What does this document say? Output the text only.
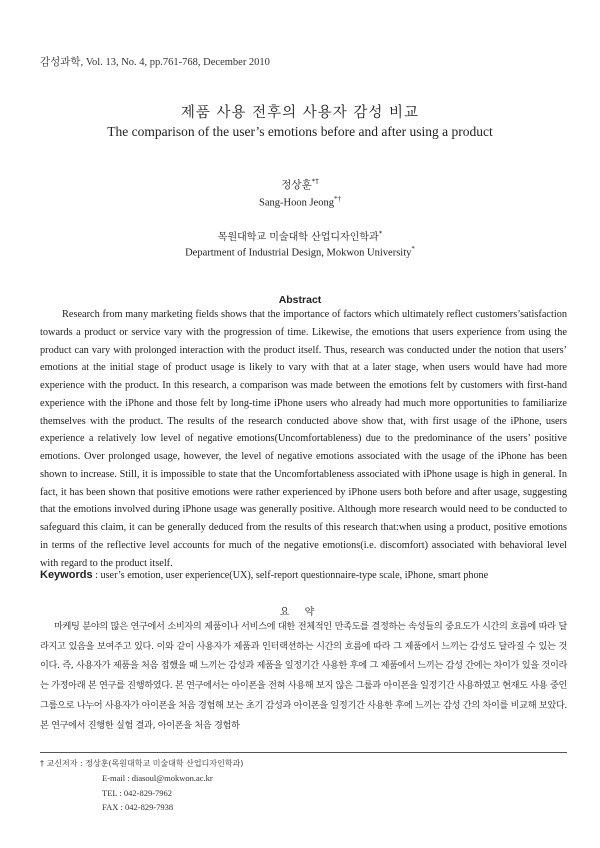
감성과학, Vol. 13, No. 4, pp.761-768, December 2010
제품 사용 전후의 사용자 감성 비교
The comparison of the user’s emotions before and after using a product
정상훈*†
Sang-Hoon Jeong*†
목원대학교 미술대학 산업디자인학과*
Department of Industrial Design, Mokwon University*
Abstract

Research from many marketing fields shows that the importance of factors which ultimately reflect customers’satisfaction towards a product or service vary with the progression of time. Likewise, the emotions that users experience from using the product can vary with prolonged interaction with the product itself. Thus, research was conducted under the notion that users’ emotions at the initial stage of product usage is likely to vary with that at a later stage, when users would have had more experience with the product. In this research, a comparison was made between the emotions felt by customers with first-hand experience with the iPhone and those felt by long-time iPhone users who already had much more opportunities to familiarize themselves with the product. The results of the research conducted above show that, with first usage of the iPhone, users experience a relatively low level of negative emotions(Uncomfortableness) due to the predominance of the users’ positive emotions. Over prolonged usage, however, the level of negative emotions associated with the usage of the iPhone has been shown to increase. Still, it is impossible to state that the Uncomfortableness associated with iPhone usage is high in general. In fact, it has been shown that positive emotions were rather experienced by iPhone users both before and after usage, suggesting that the emotions involved during iPhone usage was generally positive. Although more research would need to be conducted to safeguard this claim, it can be generally deduced from the results of this research that:when using a product, positive emotions in terms of the reflective level accounts for much of the negative emotions(i.e. discomfort) associated with behavioral level with regard to the product itself.

Keywords : user’s emotion, user experience(UX), self-report questionnaire-type scale, iPhone, smart phone
요 약

마케팅 분야의 많은 연구에서 소비자의 제품이나 서비스에 대한 전체적인 만족도를 결정하는 속성들의 중요도가 시간의 흐름에 따라 달라지고 있음을 보여주고 있다. 이와 같이 사용자가 제품과 인터랙션하는 시간의 흐름에 따라 그 제품에서 느끼는 감성도 달라질 수 있는 것이다. 즉, 사용자가 제품을 처음 접했을 때 느끼는 감성과 제품을 일정기간 사용한 후에 그 제품에서 느끼는 감성 간에는 차이가 있을 것이라는 가정아래 본 연구를 진행하였다. 본 연구에서는 아이폰을 전혀 사용해 보지 않은 그룹과 아이폰을 일정기간 사용하였고 현재도 사용 중인 그룹으로 나누어 사용자가 아이폰을 처음 경험해 보는 초기 감성과 아이폰을 일정기간 사용한 후에 느끼는 감성 간의 차이를 비교해 보았다. 본 연구에서 진행한 실험 결과, 아이폰을 처음 경험하

† 교신저자 : 정상훈(목원대학교 미술대학 산업디자인학과)
E-mail : diasoul@mokwon.ac.kr
TEL : 042-829-7962
FAX : 042-829-7938
